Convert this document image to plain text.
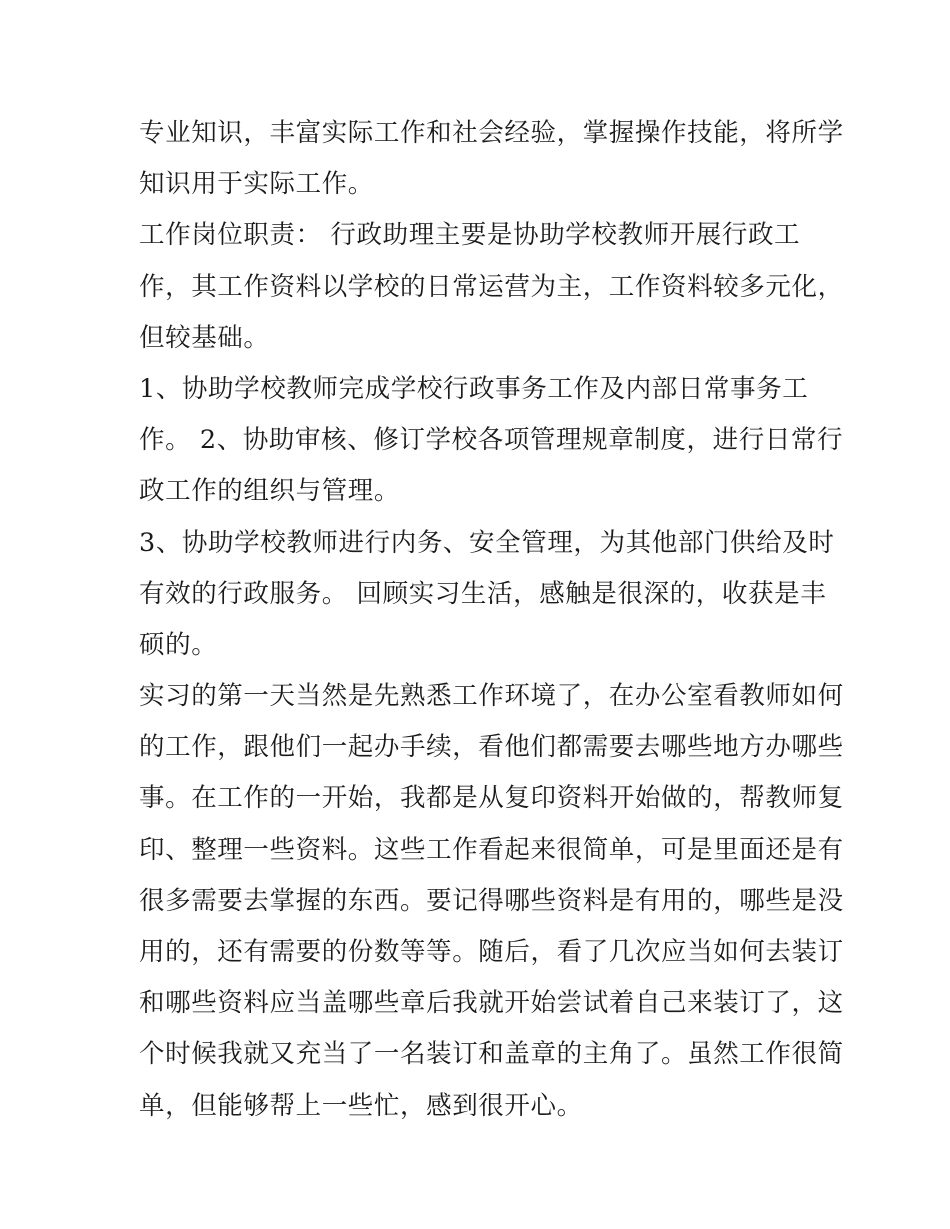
专业知识，丰富实际工作和社会经验，掌握操作技能，将所学
知识用于实际工作。
工作岗位职责： 行政助理主要是协助学校教师开展行政工
作，其工作资料以学校的日常运营为主，工作资料较多元化，
但较基础。
1、协助学校教师完成学校行政事务工作及内部日常事务工
作。 2、协助审核、修订学校各项管理规章制度，进行日常行
政工作的组织与管理。
3、协助学校教师进行内务、安全管理，为其他部门供给及时
有效的行政服务。 回顾实习生活，感触是很深的，收获是丰
硕的。
实习的第一天当然是先熟悉工作环境了，在办公室看教师如何
的工作，跟他们一起办手续，看他们都需要去哪些地方办哪些
事。在工作的一开始，我都是从复印资料开始做的，帮教师复
印、整理一些资料。这些工作看起来很简单，可是里面还是有
很多需要去掌握的东西。要记得哪些资料是有用的，哪些是没
用的，还有需要的份数等等。随后，看了几次应当如何去装订
和哪些资料应当盖哪些章后我就开始尝试着自己来装订了，这
个时候我就又充当了一名装订和盖章的主角了。虽然工作很简
单，但能够帮上一些忙，感到很开心。
